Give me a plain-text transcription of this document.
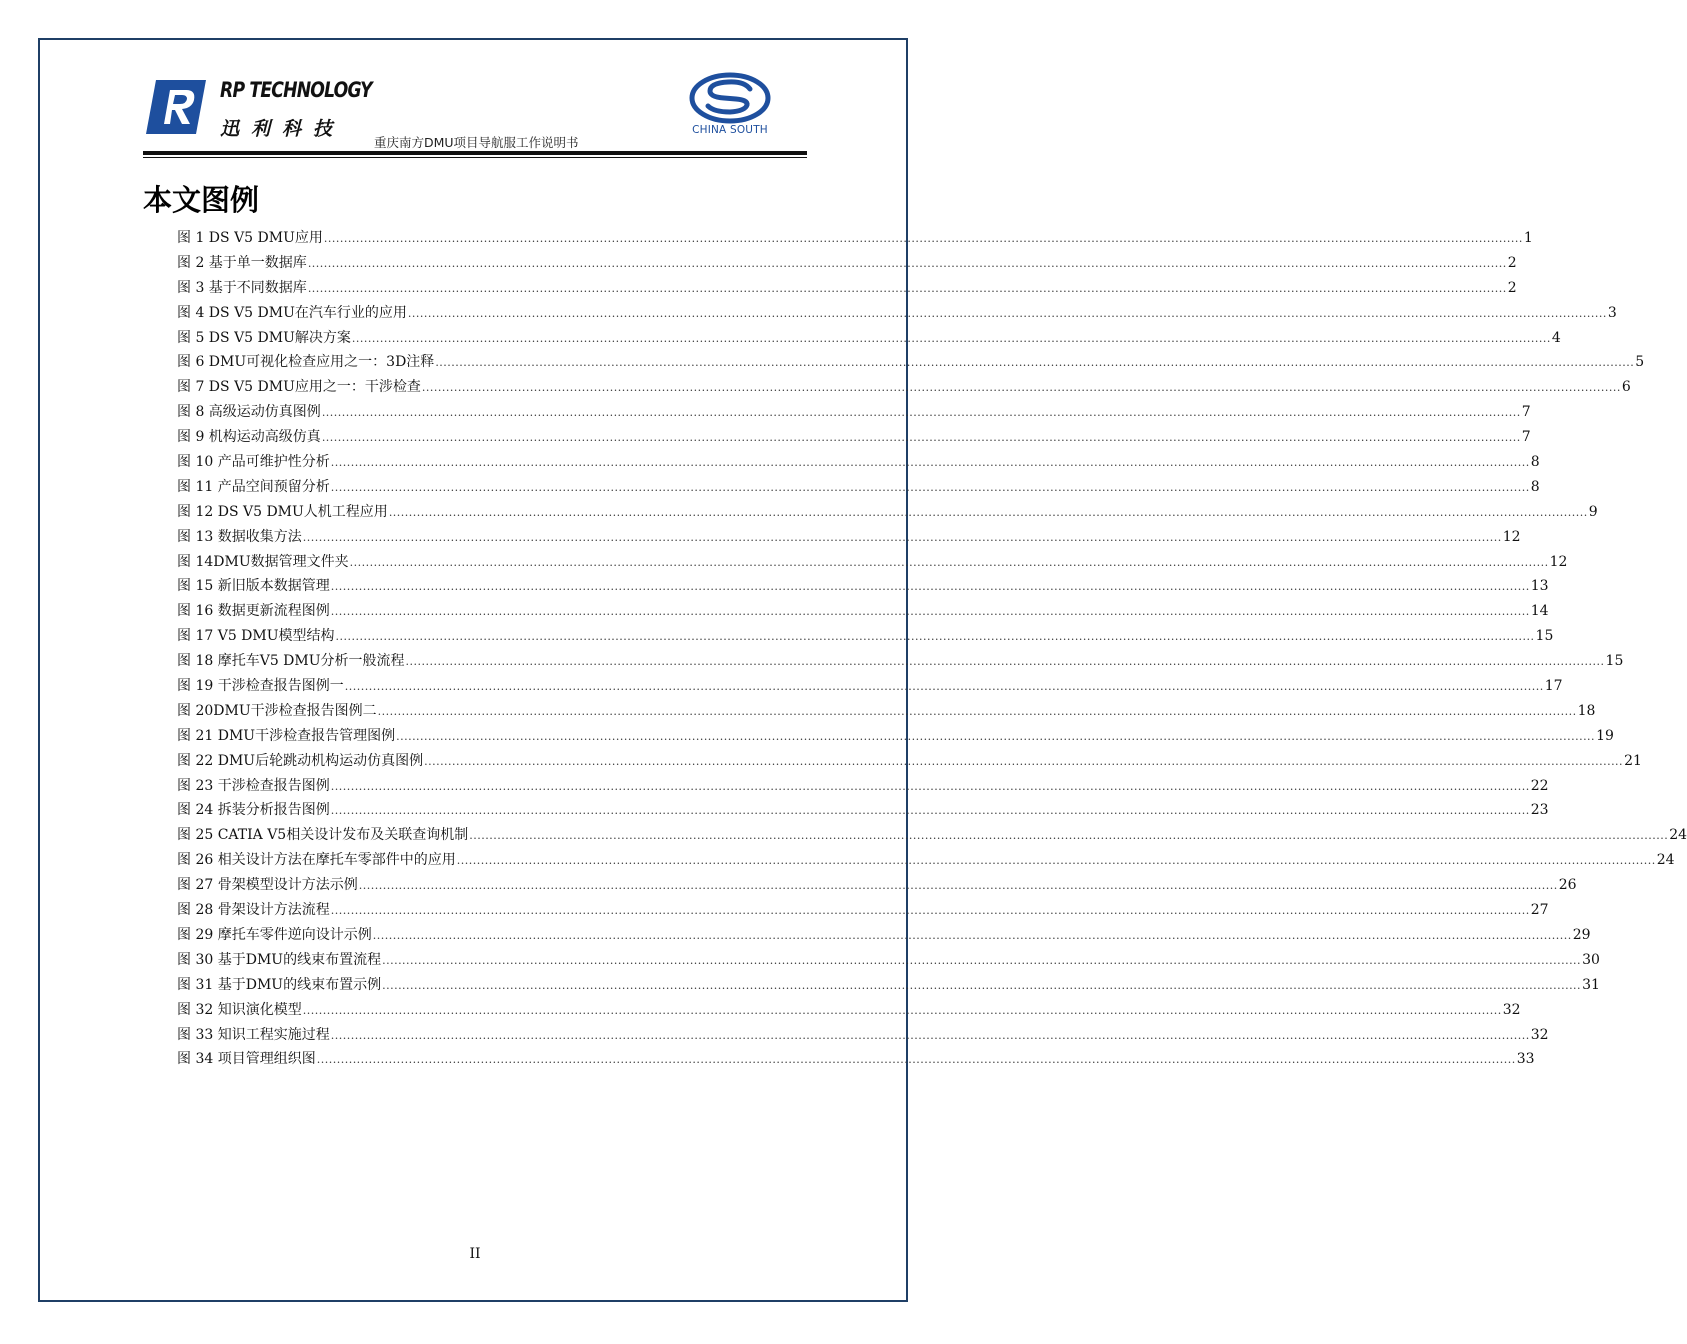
RP TECHNOLOGY
迅利科技
重庆南方DMU项目导航服工作说明书
CHINA SOUTH
本文图例
图 1 DS V5 DMU应用 ............................................................................................................................................................................................................................................................................................................ 1
图 2 基于单一数据库 ............................................................................................................................................................................................................................................................................................................ 2
图 3 基于不同数据库 ............................................................................................................................................................................................................................................................................................................ 2
图 4 DS V5 DMU在汽车行业的应用 ............................................................................................................................................................................................................................................................................................................ 3
图 5 DS V5 DMU解决方案 ............................................................................................................................................................................................................................................................................................................ 4
图 6 DMU可视化检查应用之一：3D注释 ............................................................................................................................................................................................................................................................................................................ 5
图 7 DS V5 DMU应用之一：干涉检查 ............................................................................................................................................................................................................................................................................................................ 6
图 8 高级运动仿真图例 ............................................................................................................................................................................................................................................................................................................ 7
图 9 机构运动高级仿真 ............................................................................................................................................................................................................................................................................................................ 7
图 10 产品可维护性分析 ............................................................................................................................................................................................................................................................................................................ 8
图 11 产品空间预留分析 ............................................................................................................................................................................................................................................................................................................ 8
图 12 DS V5 DMU人机工程应用 ............................................................................................................................................................................................................................................................................................................ 9
图 13 数据收集方法 ............................................................................................................................................................................................................................................................................................................ 12
图 14DMU数据管理文件夹 ............................................................................................................................................................................................................................................................................................................ 12
图 15 新旧版本数据管理 ............................................................................................................................................................................................................................................................................................................ 13
图 16 数据更新流程图例 ............................................................................................................................................................................................................................................................................................................ 14
图 17 V5 DMU模型结构 ............................................................................................................................................................................................................................................................................................................ 15
图 18 摩托车V5 DMU分析一般流程 ............................................................................................................................................................................................................................................................................................................ 15
图 19 干涉检查报告图例一 ............................................................................................................................................................................................................................................................................................................ 17
图 20DMU干涉检查报告图例二 ............................................................................................................................................................................................................................................................................................................ 18
图 21 DMU干涉检查报告管理图例 ............................................................................................................................................................................................................................................................................................................ 19
图 22 DMU后轮跳动机构运动仿真图例 ............................................................................................................................................................................................................................................................................................................ 21
图 23 干涉检查报告图例 ............................................................................................................................................................................................................................................................................................................ 22
图 24 拆装分析报告图例 ............................................................................................................................................................................................................................................................................................................ 23
图 25 CATIA V5相关设计发布及关联查询机制 ............................................................................................................................................................................................................................................................................................................ 24
图 26 相关设计方法在摩托车零部件中的应用 ............................................................................................................................................................................................................................................................................................................ 24
图 27 骨架模型设计方法示例 ............................................................................................................................................................................................................................................................................................................ 26
图 28 骨架设计方法流程 ............................................................................................................................................................................................................................................................................................................ 27
图 29 摩托车零件逆向设计示例 ............................................................................................................................................................................................................................................................................................................ 29
图 30 基于DMU的线束布置流程 ............................................................................................................................................................................................................................................................................................................ 30
图 31 基于DMU的线束布置示例 ............................................................................................................................................................................................................................................................................................................ 31
图 32 知识演化模型 ............................................................................................................................................................................................................................................................................................................ 32
图 33 知识工程实施过程 ............................................................................................................................................................................................................................................................................................................ 32
图 34 项目管理组织图 ............................................................................................................................................................................................................................................................................................................ 33
II
